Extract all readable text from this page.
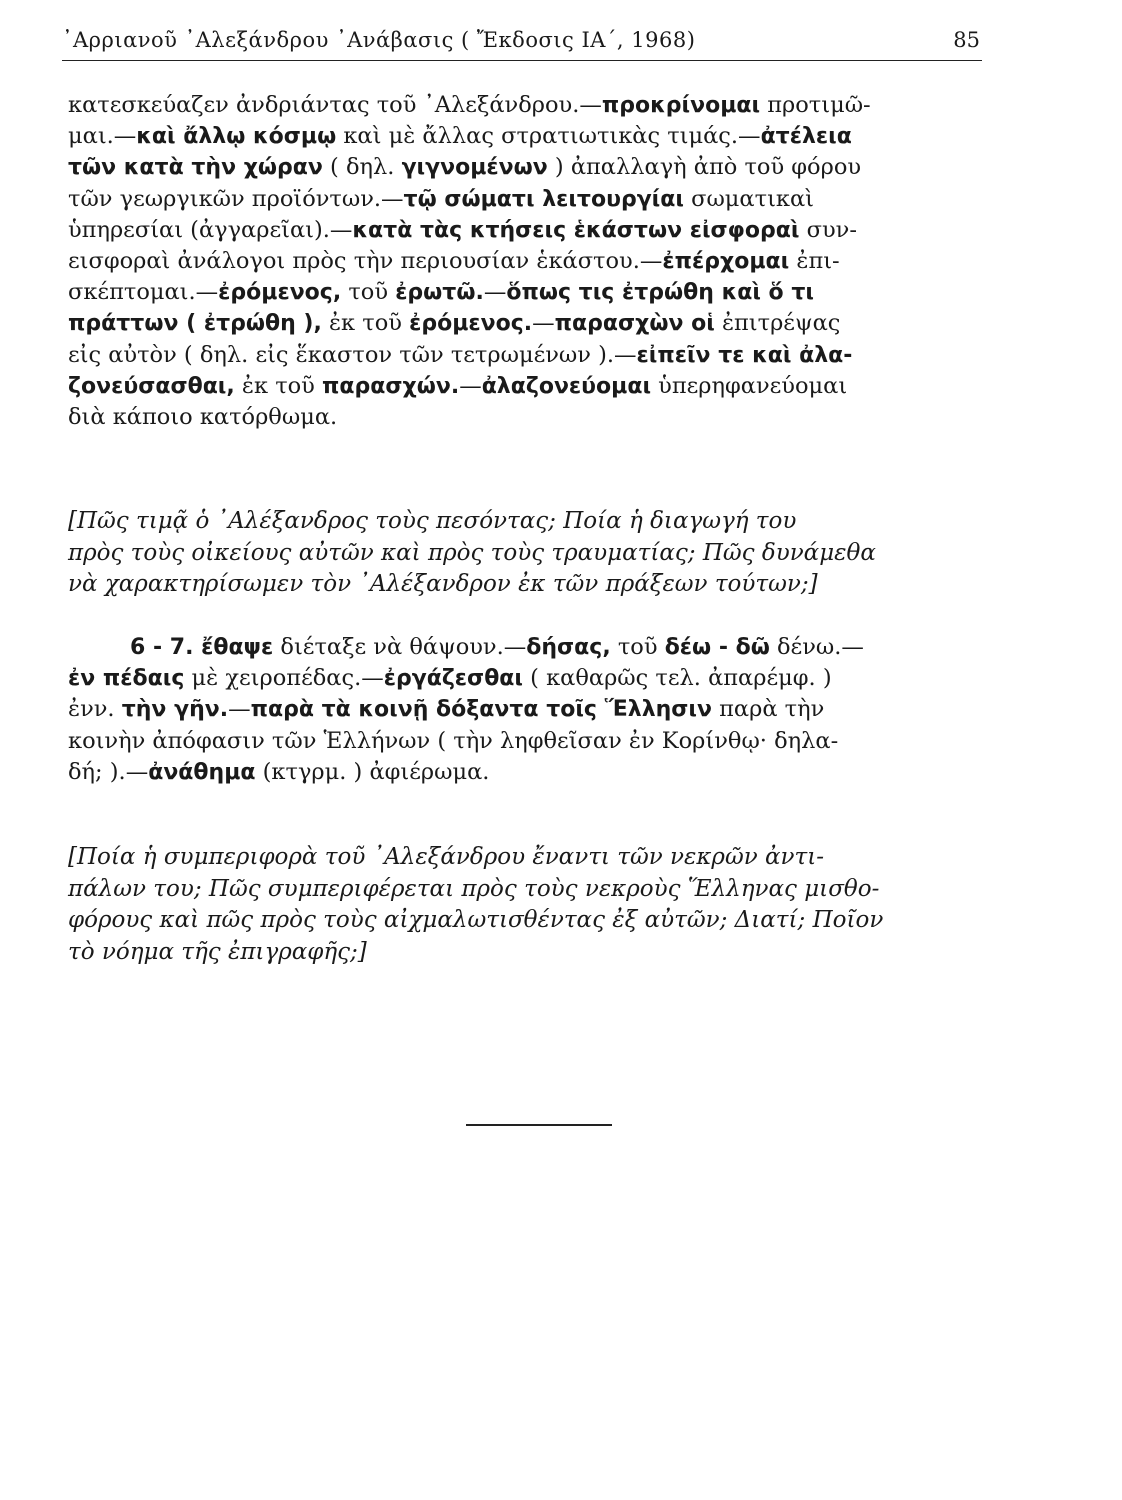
᾿Αρριανοῦ ᾿Αλεξάνδρου ᾿Ανάβασις ( Ἔκδοσις ΙΑ΄, 1968)	85
κατεσκεύαζεν ἀνδριάντας τοῦ ᾿Αλεξάνδρου.—προκρίνομαι προτιμῶ-
μαι.—καὶ ἄλλῳ κόσμῳ καὶ μὲ ἄλλας στρατιωτικὰς τιμάς.—ἀτέλεια
τῶν κατὰ τὴν χώραν ( δηλ. γιγνομένων ) ἀπαλλαγὴ ἀπὸ τοῦ φόρου
τῶν γεωργικῶν προϊόντων.—τῷ σώματι λειτουργίαι σωματικαὶ
ὑπηρεσίαι (ἀγγαρεῖαι).—κατὰ τὰς κτήσεις ἑκάστων εἰσφοραὶ συν-
εισφοραὶ ἀνάλογοι πρὸς τὴν περιουσίαν ἑκάστου.—ἐπέρχομαι ἐπι-
σκέπτομαι.—ἐρόμενος, τοῦ ἐρωτῶ.—ὅπως τις ἐτρώθη καὶ ὅ τι
πράττων ( ἐτρώθη ), ἐκ τοῦ ἐρόμενος.—παρασχὼν οἱ ἐπιτρέψας
εἰς αὐτὸν ( δηλ. εἰς ἕκαστον τῶν τετρωμένων ).—εἰπεῖν τε καὶ ἀλα-
ζονεύσασθαι, ἐκ τοῦ παρασχών.—ἀλαζονεύομαι ὑπερηφανεύομαι
διὰ κάποιο κατόρθωμα.
[Πῶς τιμᾷ ὁ ᾿Αλέξανδρος τοὺς πεσόντας; Ποία ἡ διαγωγή του
πρὸς τοὺς οἰκείους αὐτῶν καὶ πρὸς τοὺς τραυματίας; Πῶς δυνάμεθα
νὰ χαρακτηρίσωμεν τὸν ᾿Αλέξανδρον ἐκ τῶν πράξεων τούτων;]
6 - 7. ἔθαψε διέταξε νὰ θάψουν.—δήσας, τοῦ δέω - δῶ δένω.—
ἐν πέδαις μὲ χειροπέδας.—ἐργάζεσθαι ( καθαρῶς τελ. ἀπαρέμφ. )
ἐνν. τὴν γῆν.—παρὰ τὰ κοινῇ δόξαντα τοῖς Ἕλλησιν παρὰ τὴν
κοινὴν ἀπόφασιν τῶν Ἑλλήνων ( τὴν ληφθεῖσαν ἐν Κορίνθῳ· δηλα-
δή; ).—ἀνάθημα (κτγρμ. ) ἀφιέρωμα.
[Ποία ἡ συμπεριφορὰ τοῦ ᾿Αλεξάνδρου ἔναντι τῶν νεκρῶν ἀντι-
πάλων του; Πῶς συμπεριφέρεται πρὸς τοὺς νεκροὺς Ἕλληνας μισθο-
φόρους καὶ πῶς πρὸς τοὺς αἰχμαλωτισθέντας ἐξ αὐτῶν; Διατί; Ποῖον
τὸ νόημα τῆς ἐπιγραφῆς;]
